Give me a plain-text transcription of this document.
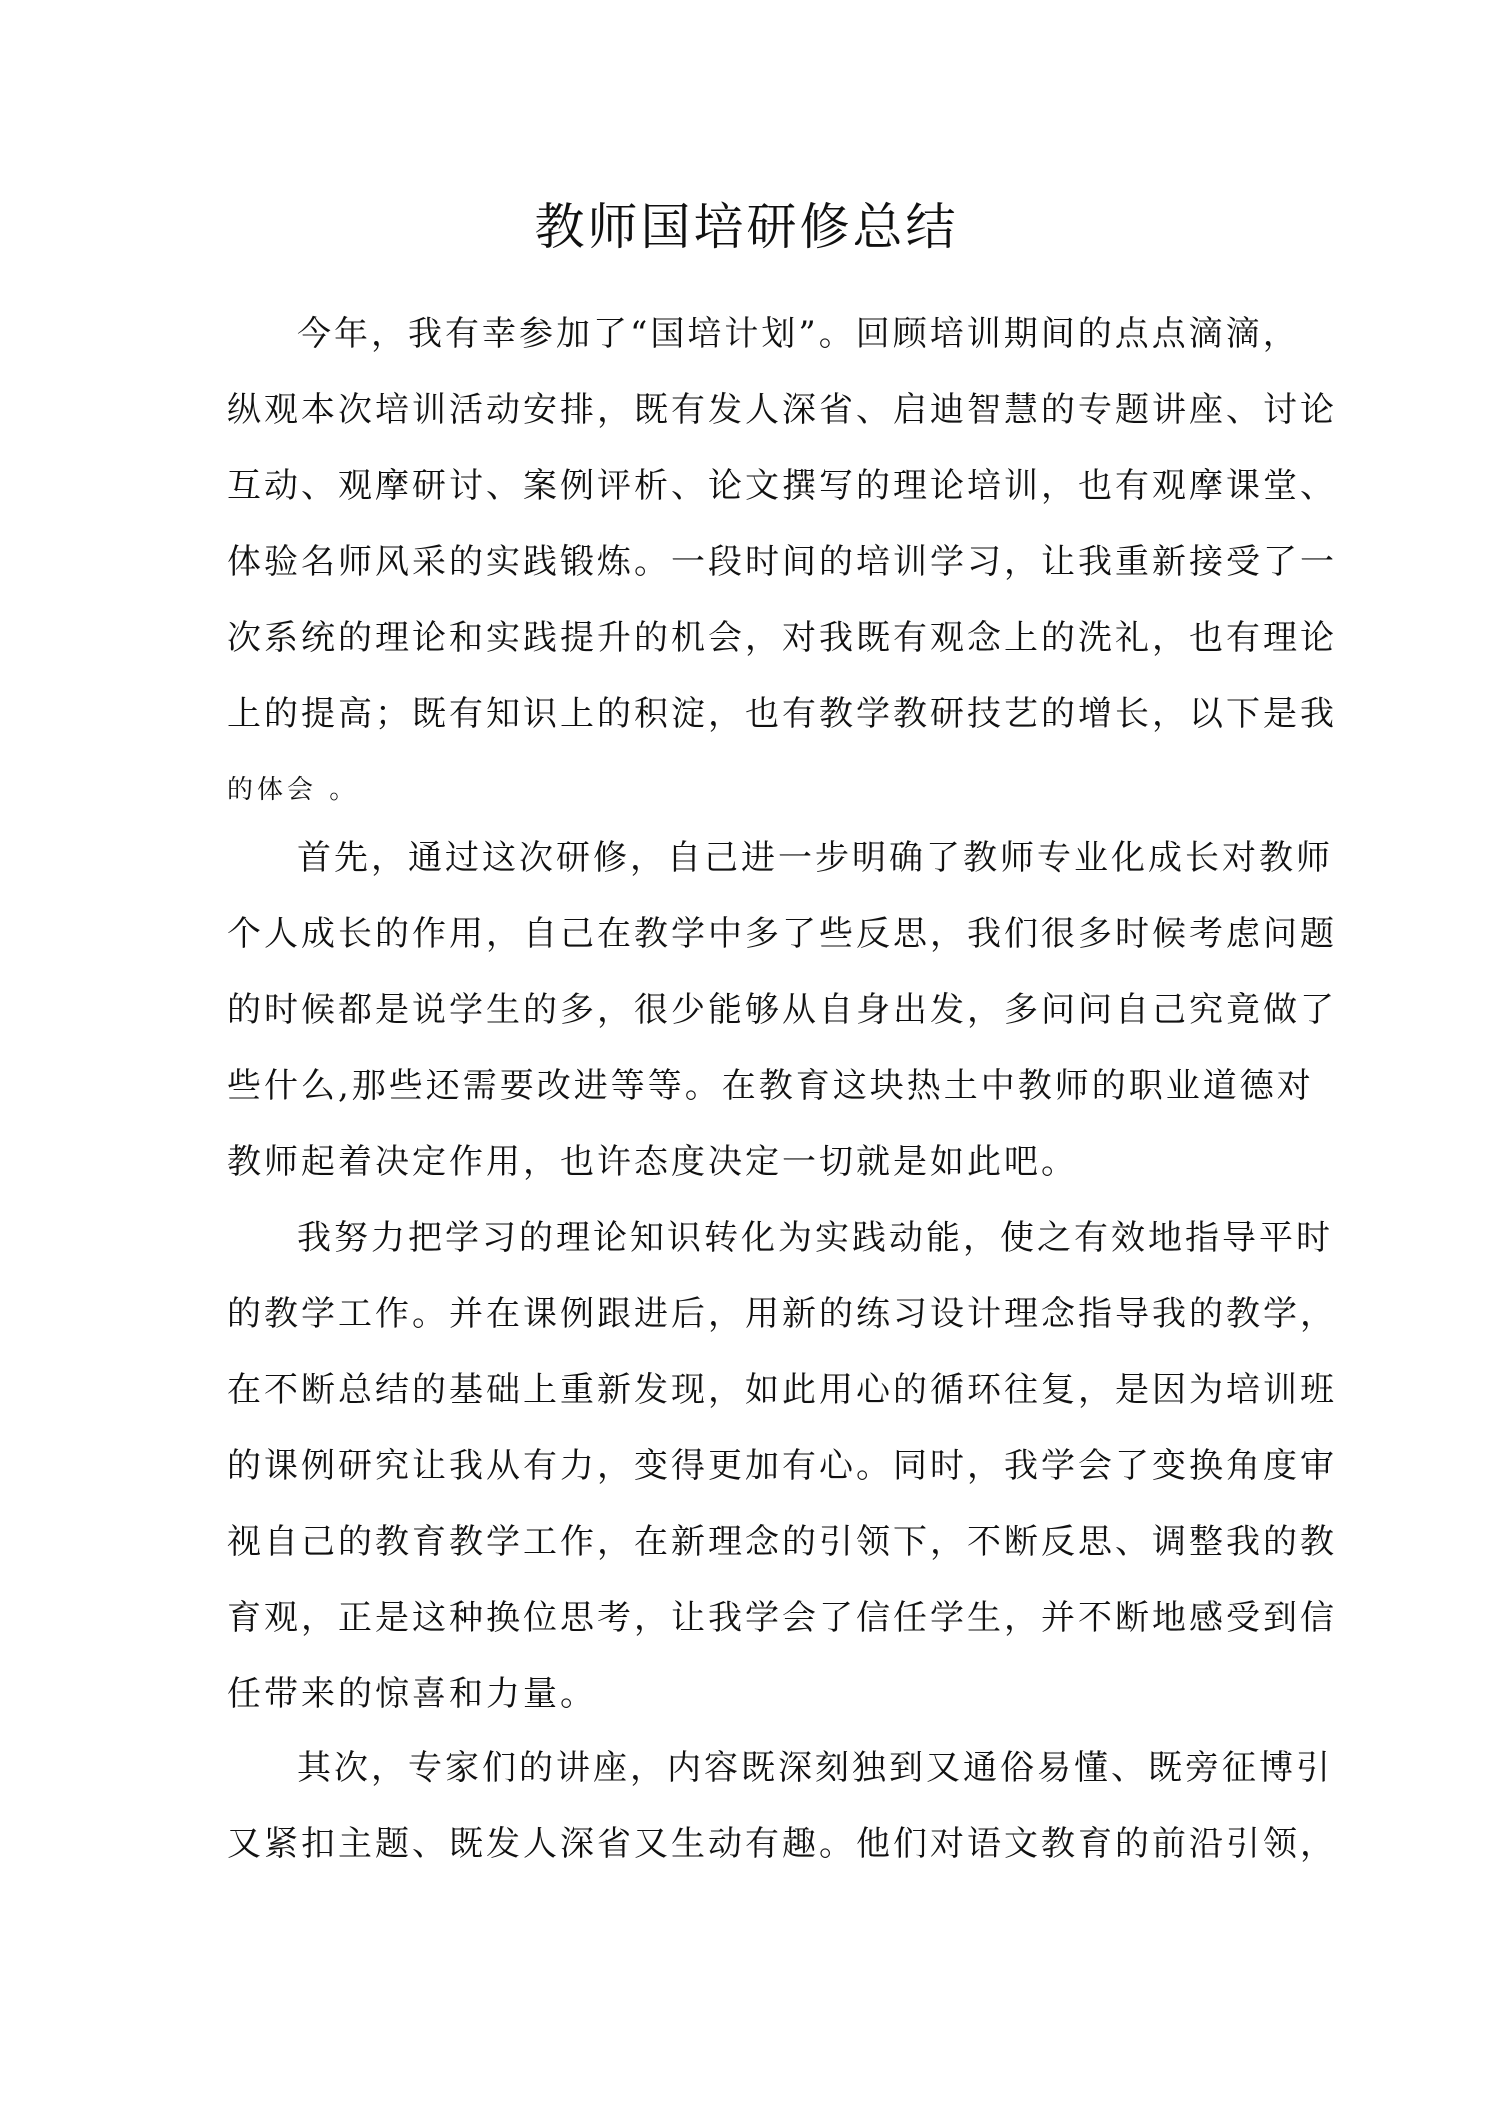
教师国培研修总结
今年，我有幸参加了“国培计划”。回顾培训期间的点点滴滴，
纵观本次培训活动安排，既有发人深省、启迪智慧的专题讲座、讨论
互动、观摩研讨、案例评析、论文撰写的理论培训，也有观摩课堂、
体验名师风采的实践锻炼。一段时间的培训学习，让我重新接受了一
次系统的理论和实践提升的机会，对我既有观念上的洗礼，也有理论
上的提高；既有知识上的积淀，也有教学教研技艺的增长，以下是我
的体会 。
首先，通过这次研修，自己进一步明确了教师专业化成长对教师
个人成长的作用，自己在教学中多了些反思，我们很多时候考虑问题
的时候都是说学生的多，很少能够从自身出发，多问问自己究竟做了
些什么,那些还需要改进等等。在教育这块热土中教师的职业道德对
教师起着决定作用，也许态度决定一切就是如此吧。
我努力把学习的理论知识转化为实践动能，使之有效地指导平时
的教学工作。并在课例跟进后，用新的练习设计理念指导我的教学，
在不断总结的基础上重新发现，如此用心的循环往复，是因为培训班
的课例研究让我从有力，变得更加有心。同时，我学会了变换角度审
视自己的教育教学工作，在新理念的引领下，不断反思、调整我的教
育观，正是这种换位思考，让我学会了信任学生，并不断地感受到信
任带来的惊喜和力量。
其次，专家们的讲座，内容既深刻独到又通俗易懂、既旁征博引
又紧扣主题、既发人深省又生动有趣。他们对语文教育的前沿引领，
